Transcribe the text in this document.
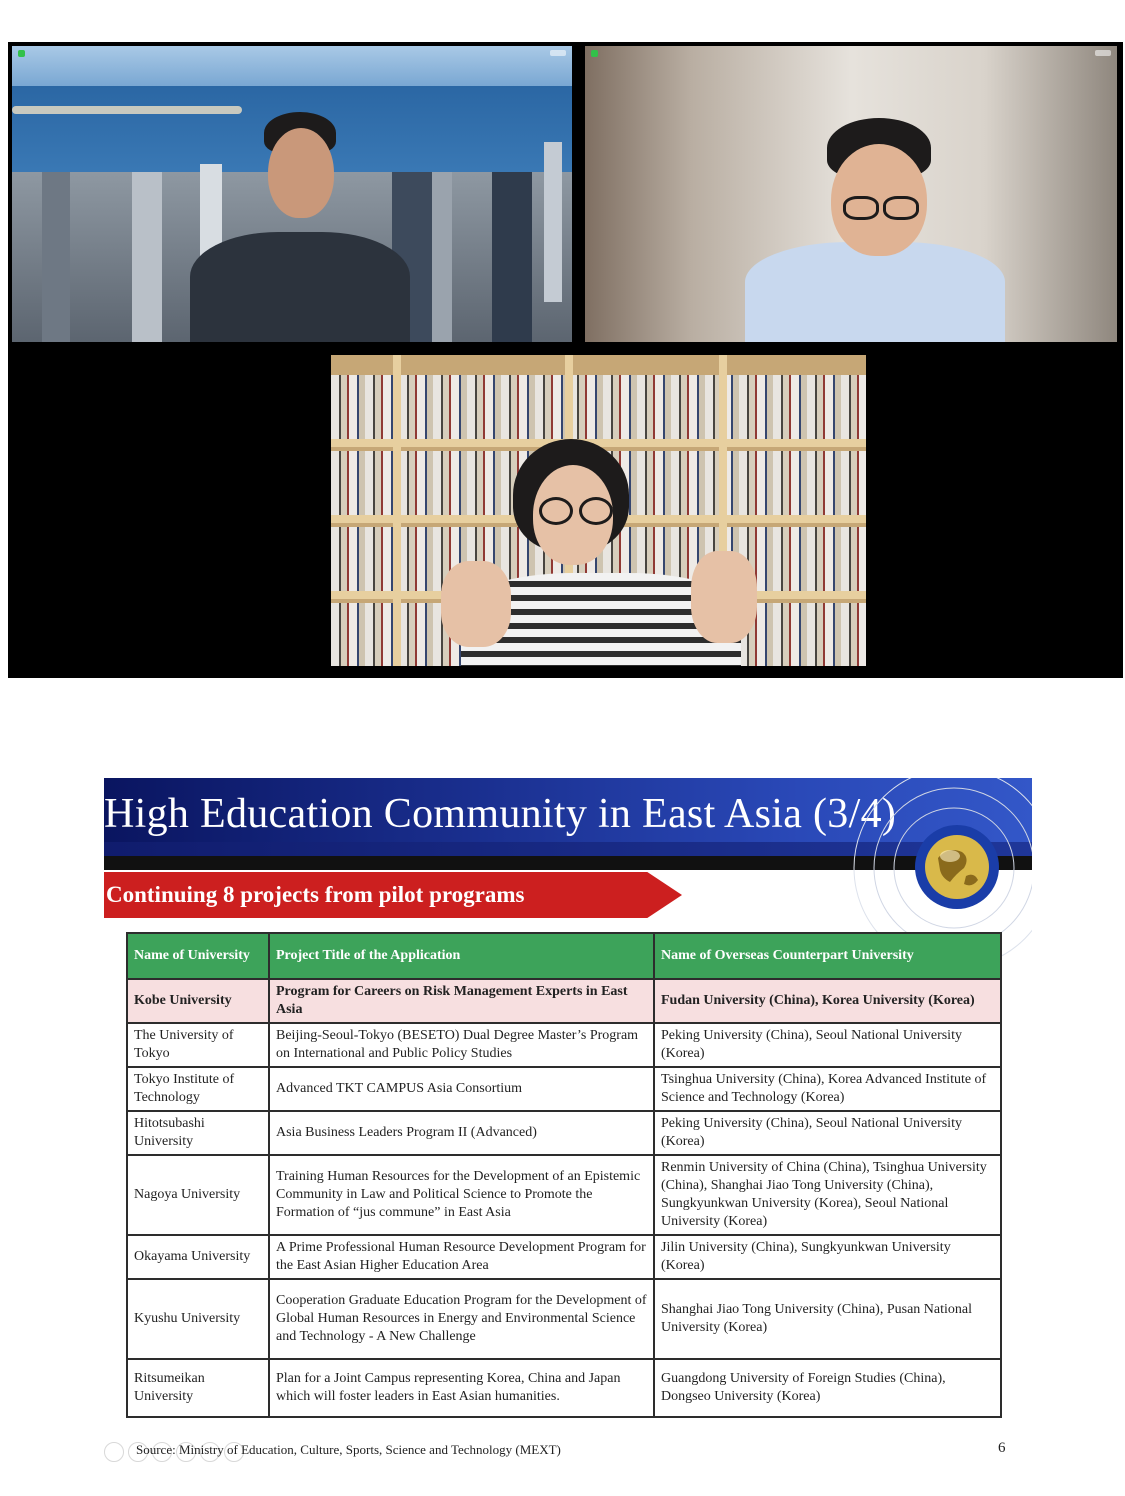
High Education Community in East Asia (3/4)
Continuing 8 projects from pilot programs
Name of University	Project Title of the Application	Name of Overseas Counterpart University
Kobe University	Program for Careers on Risk Management Experts in East Asia	Fudan University (China), Korea University (Korea)
The University of Tokyo	Beijing-Seoul-Tokyo (BESETO) Dual Degree Master’s Program on International and Public Policy Studies	Peking University (China), Seoul National University (Korea)
Tokyo Institute of Technology	Advanced TKT CAMPUS Asia Consortium	Tsinghua University (China), Korea Advanced Institute of Science and Technology (Korea)
Hitotsubashi University	Asia Business Leaders Program II (Advanced)	Peking University (China), Seoul National University (Korea)
Nagoya University	Training Human Resources for the Development of an Epistemic Community in Law and Political Science to Promote the Formation of “jus commune” in East Asia	Renmin University of China (China), Tsinghua University (China), Shanghai Jiao Tong University (China), Sungkyunkwan University (Korea), Seoul National University (Korea)
Okayama University	A Prime Professional Human Resource Development Program for the East Asian Higher Education Area	Jilin University (China), Sungkyunkwan University (Korea)
Kyushu University	Cooperation Graduate Education Program for the Development of Global Human Resources in Energy and Environmental Science and Technology - A New Challenge	Shanghai Jiao Tong University (China), Pusan National University (Korea)
Ritsumeikan University	Plan for a Joint Campus representing Korea, China and Japan which will foster leaders in East Asian humanities.	Guangdong University of Foreign Studies (China), Dongseo University (Korea)

Source: Ministry of Education, Culture, Sports, Science and Technology (MEXT)	6
